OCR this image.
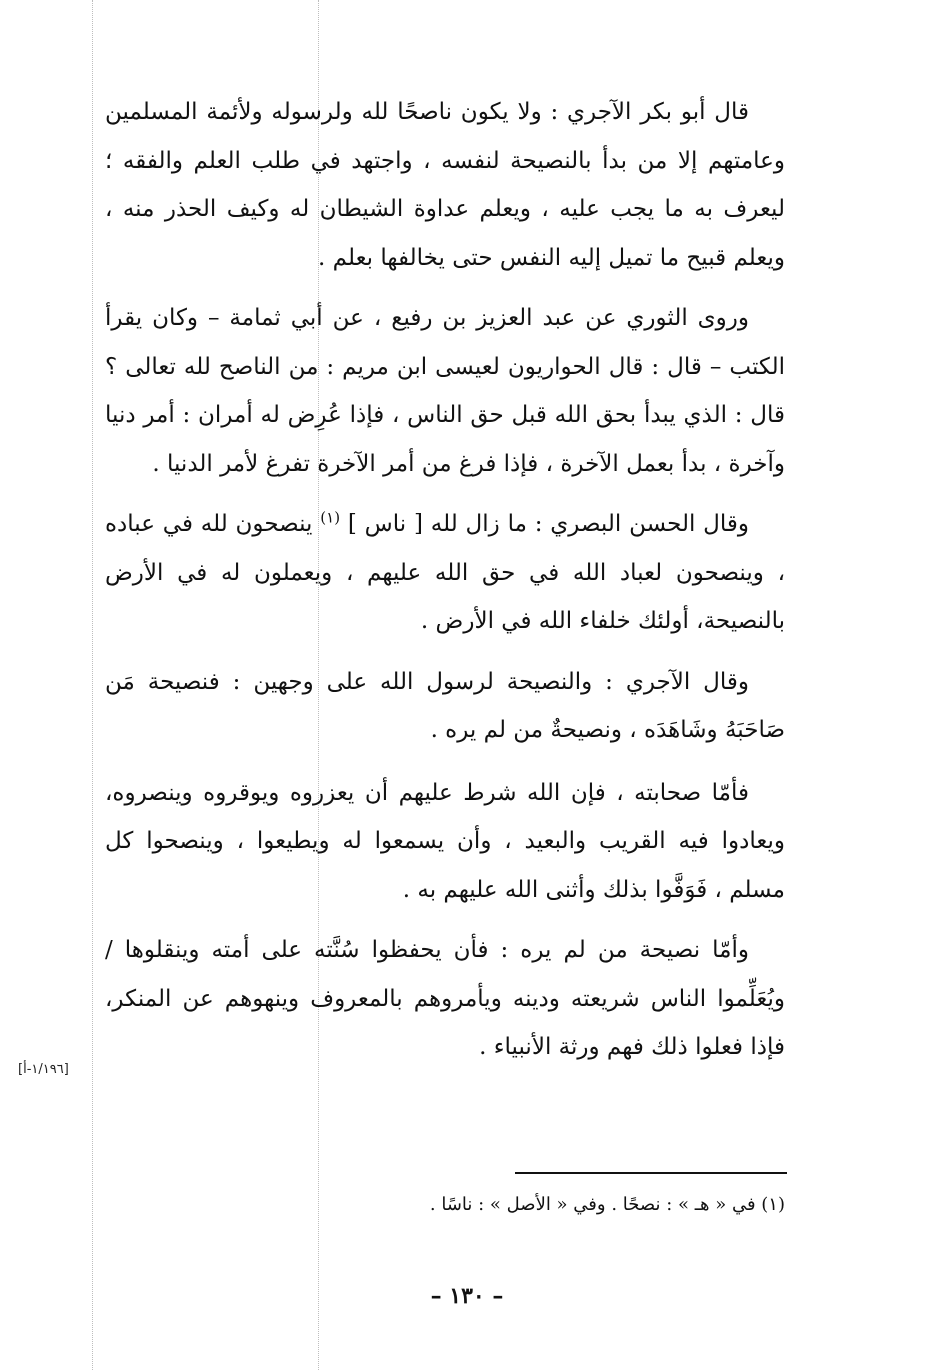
قال أبو بكر الآجري : ولا يكون ناصحًا لله ولرسوله ولأئمة المسلمين وعامتهم إلا من بدأ بالنصيحة لنفسه ، واجتهد في طلب العلم والفقه ؛ ليعرف به ما يجب عليه ، ويعلم عداوة الشيطان له وكيف الحذر منه ، ويعلم قبيح ما تميل إليه النفس حتى يخالفها بعلم .

وروى الثوري عن عبد العزيز بن رفيع ، عن أبي ثمامة – وكان يقرأ الكتب – قال : قال الحواريون لعيسى ابن مريم : من الناصح لله تعالى ؟ قال : الذي يبدأ بحق الله قبل حق الناس ، فإذا عُرِض له أمران : أمر دنيا وآخرة ، بدأ بعمل الآخرة ، فإذا فرغ من أمر الآخرة تفرغ لأمر الدنيا .

وقال الحسن البصري : ما زال لله [ ناس ] $^{(١)}$ ينصحون لله في عباده ، وينصحون لعباد الله في حق الله عليهم ، ويعملون له في الأرض بالنصيحة، أولئك خلفاء الله في الأرض .

وقال الآجري : والنصيحة لرسول الله على وجهين : فنصيحة مَن صَاحَبَهُ وشَاهَدَه ، ونصيحةٌ من لم يره .

فأمّا صحابته ، فإن الله شرط عليهم أن يعزروه ويوقروه وينصروه، ويعادوا فيه القريب والبعيد ، وأن يسمعوا له ويطيعوا ، وينصحوا كل مسلم ، فَوَفَّوا بذلك وأثنى الله عليهم به .

وأمّا نصيحة من لم يره : فأن يحفظوا سُنَّته على أمته وينقلوها /ويُعَلِّموا الناس شريعته ودينه ويأمروهم بالمعروف وينهوهم عن المنكر، فإذا فعلوا ذلك فهم ورثة الأنبياء .

[١/١٩٦-أ]
(١) في « هـ » : نصحًا . وفي « الأصل » : ناسًا .
– ١٣٠ –
